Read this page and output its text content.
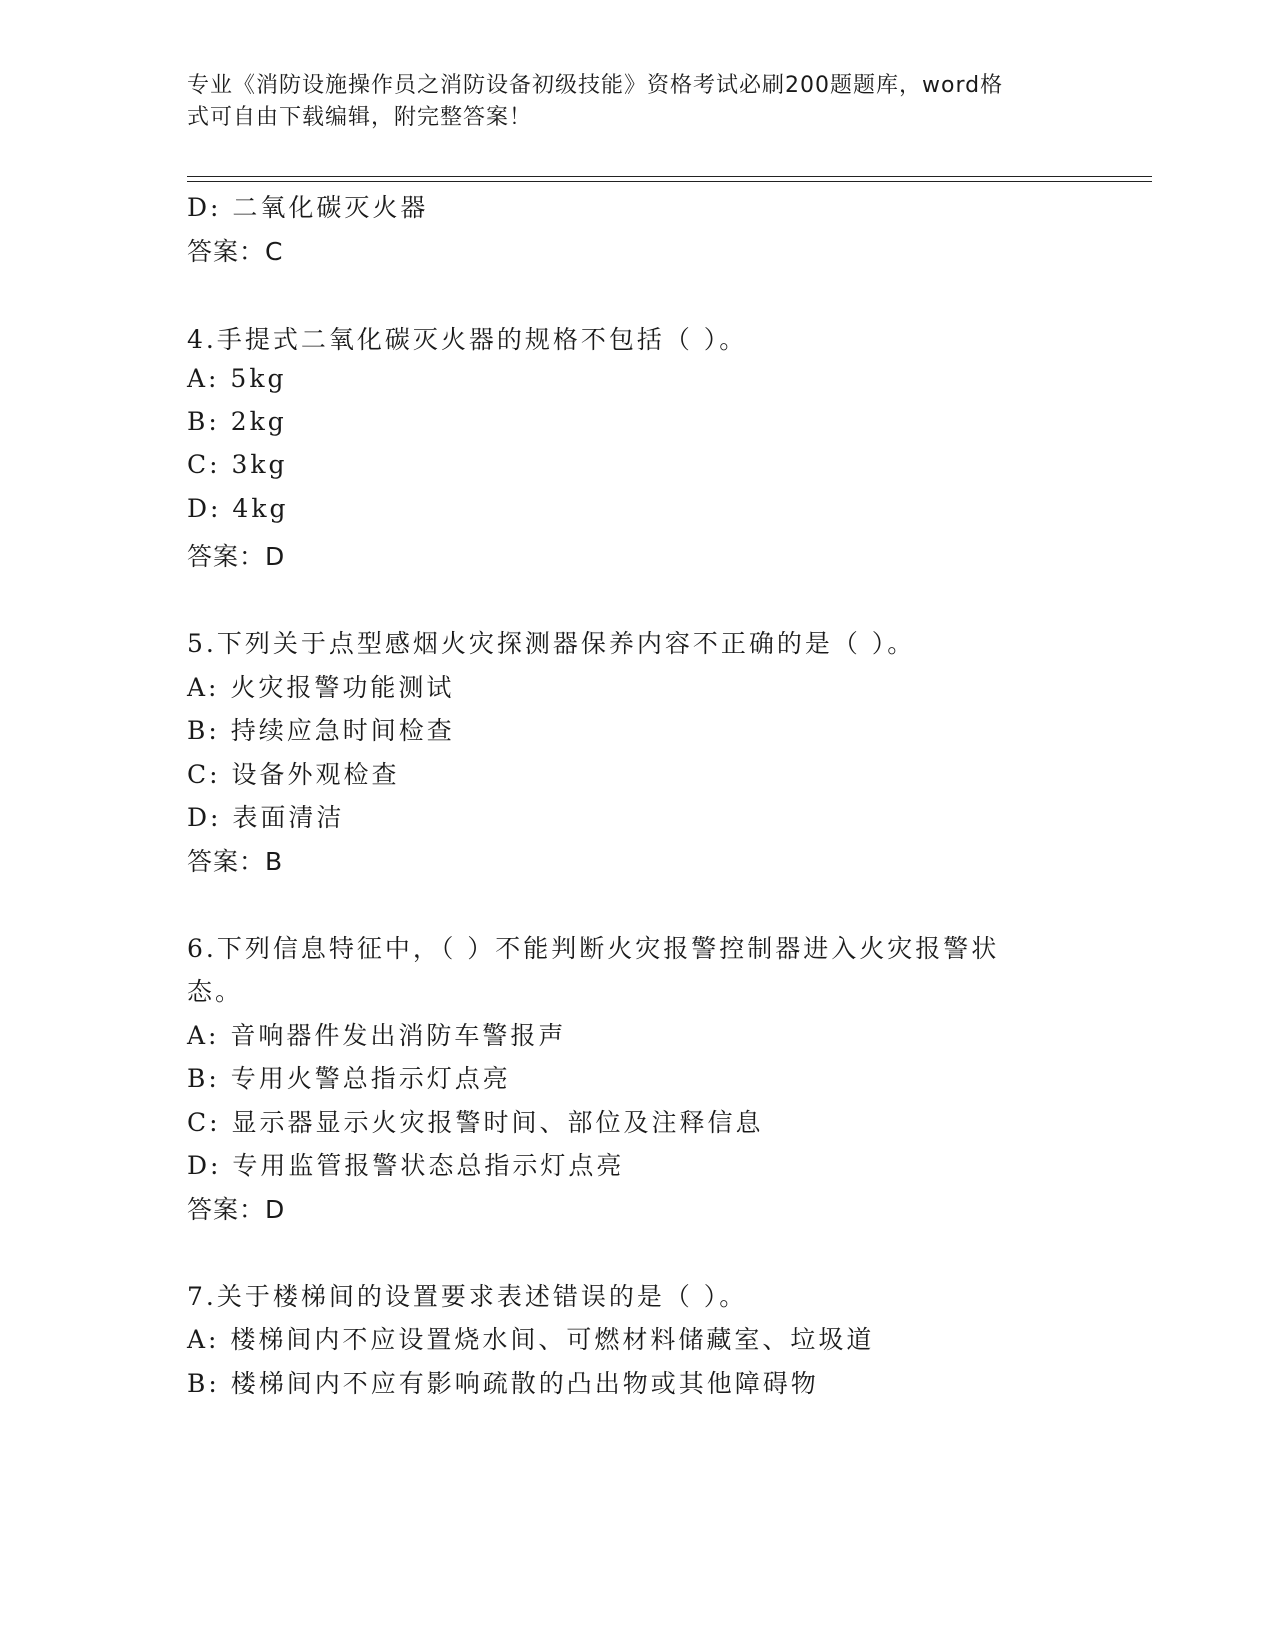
专业《消防设施操作员之消防设备初级技能》资格考试必刷200题题库，word格
式可自由下载编辑，附完整答案！
D: 二氧化碳灭火器
答案：C
4.手提式二氧化碳灭火器的规格不包括（ ）。
A: 5kg
B: 2kg
C: 3kg
D: 4kg
答案：D
5.下列关于点型感烟火灾探测器保养内容不正确的是（ ）。
A: 火灾报警功能测试
B: 持续应急时间检查
C: 设备外观检查
D: 表面清洁
答案：B
6.下列信息特征中，（ ）不能判断火灾报警控制器进入火灾报警状
态。
A: 音响器件发出消防车警报声
B: 专用火警总指示灯点亮
C: 显示器显示火灾报警时间、部位及注释信息
D: 专用监管报警状态总指示灯点亮
答案：D
7.关于楼梯间的设置要求表述错误的是（ ）。
A: 楼梯间内不应设置烧水间、可燃材料储藏室、垃圾道
B: 楼梯间内不应有影响疏散的凸出物或其他障碍物
